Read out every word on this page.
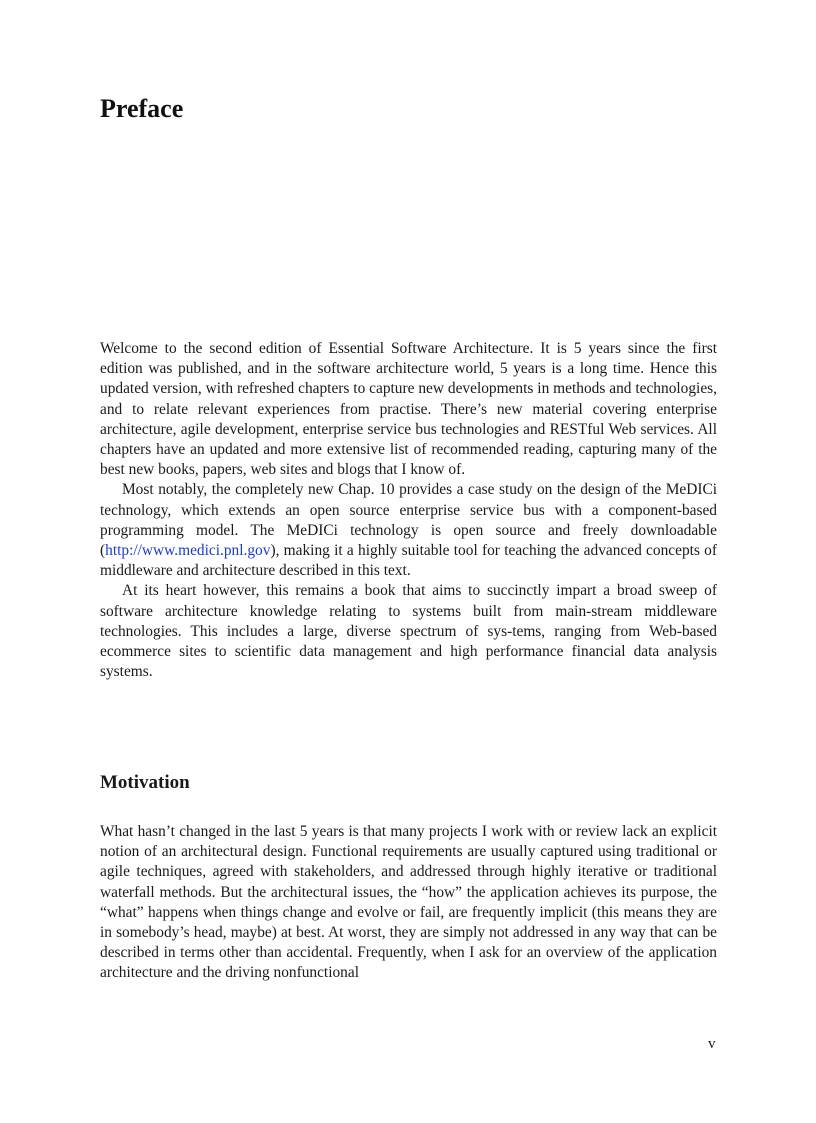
Preface

Welcome to the second edition of Essential Software Architecture. It is 5 years since the first edition was published, and in the software architecture world, 5 years is a long time. Hence this updated version, with refreshed chapters to capture new developments in methods and technologies, and to relate relevant experiences from practise. There’s new material covering enterprise architecture, agile development, enterprise service bus technologies and RESTful Web services. All chapters have an updated and more extensive list of recommended reading, capturing many of the best new books, papers, web sites and blogs that I know of.

Most notably, the completely new Chap. 10 provides a case study on the design of the MeDICi technology, which extends an open source enterprise service bus with a component-based programming model. The MeDICi technology is open source and freely downloadable (http://www.medici.pnl.gov), making it a highly suitable tool for teaching the advanced concepts of middleware and architecture described in this text.

At its heart however, this remains a book that aims to succinctly impart a broad sweep of software architecture knowledge relating to systems built from main-stream middleware technologies. This includes a large, diverse spectrum of sys-tems, ranging from Web-based ecommerce sites to scientific data management and high performance financial data analysis systems.

Motivation

What hasn’t changed in the last 5 years is that many projects I work with or review lack an explicit notion of an architectural design. Functional requirements are usually captured using traditional or agile techniques, agreed with stakeholders, and addressed through highly iterative or traditional waterfall methods. But the architectural issues, the “how” the application achieves its purpose, the “what” happens when things change and evolve or fail, are frequently implicit (this means they are in somebody’s head, maybe) at best. At worst, they are simply not addressed in any way that can be described in terms other than accidental. Frequently, when I ask for an overview of the application architecture and the driving nonfunctional

v
